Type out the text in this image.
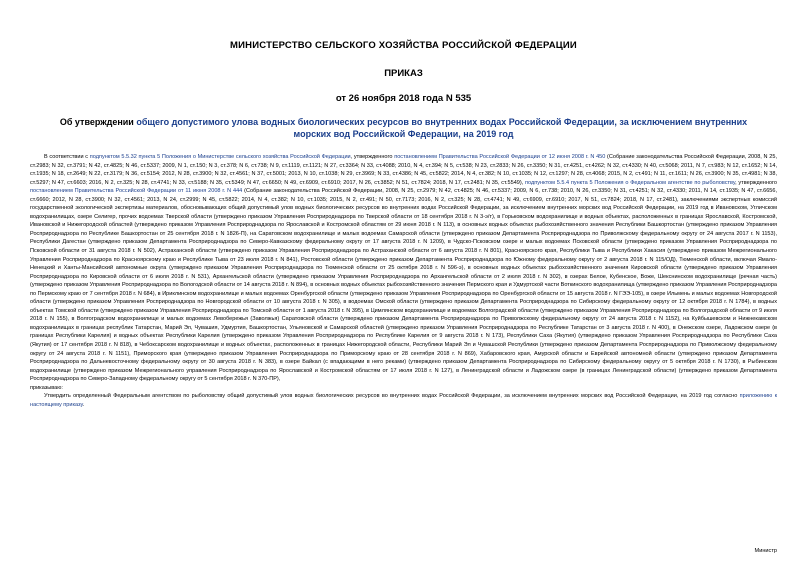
МИНИСТЕРСТВО СЕЛЬСКОГО ХОЗЯЙСТВА РОССИЙСКОЙ ФЕДЕРАЦИИ
ПРИКАЗ
от 26 ноября 2018 года N 535
Об утверждении общего допустимого улова водных биологических ресурсов во внутренних водах Российской Федерации, за исключением внутренних морских вод Российской Федерации, на 2019 год

В соответствии с подпунктом 5.5.32 пункта 5 Положения о Министерстве сельского хозяйства Российской Федерации, утвержденного постановлением Правительства Российской Федерации от 12 июня 2008 г. N 450 (Собрание законодательства Российской Федерации, 2008, N 25, ст.2983; N 32, ст.3791; N 42, ст.4825; N 46, ст.5337; 2009, N 1, ст.150; N 3, ст.378; N 6, ст.738; N 9, ст.1119, ст.1121; N 27, ст.3364; N 33, ст.4088; 2010, N 4, ст.394; N 5, ст.538; N 23, ст.2833; N 26, ст.3350; N 31, ст.4251, ст.4262; N 32, ст.4330; N 40, ст.5068; 2011, N 7, ст.983; N 12, ст.1652; N 14, ст.1935; N 18, ст.2649; N 22, ст.3179; N 36, ст.5154; 2012, N 28, ст.3900; N 32, ст.4561; N 37, ст.5001; 2013, N 10, ст.1038; N 29, ст.3969; N 33, ст.4386; N 45, ст.5822; 2014, N 4, ст.382; N 10, ст.1035; N 12, ст.1297; N 28, ст.4068; 2015, N 2, ст.491; N 11, ст.1611; N 26, ст.3900; N 35, ст.4981; N 38, ст.5297; N 47, ст.6603; 2016, N 2, ст.325; N 28, ст.4741; N 33, ст.5188; N 35, ст.5349; N 47, ст.6650; N 49, ст.6909, ст.6910; 2017, N 26, ст.3852; N 51, ст.7824; 2018, N 17, ст.2481; N 35, ст.5549), подпунктом 5.5.4 пункта 5 Положения о Федеральном агентстве по рыболовству, утвержденного постановлением Правительства Российской Федерации от 11 июня 2008 г. N 444 (Собрание законодательства Российской Федерации, 2008, N 25, ст.2979; N 42, ст.4825; N 46, ст.5337; 2009, N 6, ст.738; 2010, N 26, ст.3350; N 31, ст.4251; N 32, ст.4330; 2011, N 14, ст.1935; N 47, ст.6656, ст.6660; 2012, N 28, ст.3900; N 32, ст.4561; 2013, N 24, ст.2999; N 45, ст.5822; 2014, N 4, ст.382; N 10, ст.1035; 2015, N 2, ст.491; N 50, ст.7173; 2016, N 2, ст.325; N 28, ст.4741; N 49, ст.6909, ст.6910; 2017, N 51, ст.7824; 2018, N 17, ст.2481), заключениями экспертных комиссий государственной экологической экспертизы материалов, обосновывающих общий допустимый улов водных биологических ресурсов во внутренних водах Российской Федерации, за исключением внутренних морских вод Российской Федерации, на 2019 год в Ивановском, Угличском водохранилищах, озере Селигер, прочих водоемах Тверской области (утверждено приказом Управления Росприроднадзора по Тверской области от 18 сентября 2018 г. N 3-э/т), в Горьковском водохранилище и водных объектах, расположенных в границах Ярославской, Костромской, Ивановской и Нижегородской областей (утверждено приказом Управления Росприроднадзора по Ярославской и Костромской областям от 29 июня 2018 г. N 113), в основных водных объектах рыбохозяйственного значения Республики Башкортостан (утверждено приказом Управления Росприроднадзора по Республике Башкортостан от 25 сентября 2018 г. N 1826-П), на Саратовском водохранилище и малых водоемах Самарской области (утверждено приказом Департамента Росприроднадзора по Приволжскому федеральному округу от 24 августа 2017 г. N 1153), Республики Дагестан (утверждено приказом Департамента Росприроднадзора по Северо-Кавказскому федеральному округу от 17 августа 2018 г. N 1209), в Чудско-Псковском озере и малых водоемах Псковской области (утверждено приказом Управления Росприроднадзора по Псковской области от 31 августа 2018 г. N 502), Астраханской области (утверждено приказом Управления Росприроднадзора по Астраханской области от 6 августа 2018 г. N 801), Красноярского края, Республики Тыва и Республики Хакасия (утверждено приказом Межрегионального Управления Росприроднадзора по Красноярскому краю и Республике Тыва от 23 июля 2018 г. N 841), Ростовской области (утверждено приказом Департамента Росприроднадзора по Южному федеральному округу от 2 августа 2018 г. N 115/ОД), Тюменской области, включая Ямало-Ненецкий и Ханты-Мансийский автономные округа (утверждено приказом Управления Росприроднадзора по Тюменской области от 25 октября 2018 г. N 596-э), в основных водных объектах рыбохозяйственного значения Кировской области (утверждено приказом Управления Росприроднадзора по Кировской области от 6 июля 2018 г. N 531), Архангельской области (утверждено приказом Управления Росприроднадзора по Архангельской области от 2 июля 2018 г. N 302), в озерах Белое, Кубенское, Воже, Шекснинском водохранилище (речная часть) (утверждено приказом Управления Росприроднадзора по Вологодской области от 14 августа 2018 г. N 894), в основных водных объектах рыбохозяйственного значения Пермского края и Удмуртской части Воткинского водохранилища (утверждено приказом Управления Росприроднадзора по Пермскому краю от 7 сентября 2018 г. N 684), в Ириклинском водохранилище и малых водоемах Оренбургской области (утверждено приказом Управления Росприроднадзора по Оренбургской области от 15 августа 2018 г. N ГЭЭ-105), в озере Ильмень и малых водоемах Новгородской области (утверждено приказом Управления Росприроднадзора по Новгородской области от 10 августа 2018 г. N 305), в водоемах Омской области (утверждено приказом Департамента Росприроднадзора по Сибирскому федеральному округу от 12 октября 2018 г. N 1784), в водных объектах Томской области (утверждено приказом Управления Росприроднадзора по Томской области от 1 августа 2018 г. N 395), в Цимлянском водохранилище и водоемах Волгоградской области (утверждено приказом Управления Росприроднадзора по Волгоградской области от 9 июля 2018 г. N 155), в Волгоградском водохранилище и малых водоемах Левобережья (Заволжья) Саратовской области (утверждено приказом Департамента Росприроднадзора по Приволжскому федеральному округу от 24 августа 2018 г. N 1152), на Куйбышевском и Нижнекамском водохранилищах в границах республик Татарстан, Марий Эл, Чувашия, Удмуртия, Башкортостан, Ульяновской и Самарской областей (утверждено приказом Управления Росприроднадзора по Республике Татарстан от 3 августа 2018 г. N 400), в Онежском озере, Ладожском озере (в границах Республики Карелия) и водных объектах Республики Карелия (утверждено приказом Управления Росприроднадзора по Республике Карелия от 9 августа 2018 г. N 173), Республики Саха (Якутия) (утверждено приказом Управления Росприроднадзора по Республике Саха (Якутия) от 17 сентября 2018 г. N 818), в Чебоксарском водохранилище и водных объектах, расположенных в границах Нижегородской области, Республики Марий Эл и Чувашской Республики (утверждено приказом Департамента Росприроднадзора по Приволжскому федеральному округу от 24 августа 2018 г. N 1151), Приморского края (утверждено приказом Управления Росприроднадзора по Приморскому краю от 28 сентября 2018 г. N 869), Хабаровского края, Амурской области и Еврейской автономной области (утверждено приказом Департамента Росприроднадзора по Дальневосточному федеральному округу от 30 августа 2018 г. N 383), в озере Байкал (с впадающими в него реками) (утверждено приказом Департамента Росприроднадзора по Сибирскому федеральному округу от 5 октября 2018 г. N 1730), в Рыбинском водохранилище (утверждено приказом Межрегионального управления Росприроднадзора по Ярославской и Костромской областям от 17 июля 2018 г. N 127), в Ленинградской области и Ладожском озере (в границах Ленинградской области) (утверждено приказом Департамента Росприроднадзора по Северо-Западному федеральному округу от 5 сентября 2018 г. N 370-ПР),

приказываю:

Утвердить определенный Федеральным агентством по рыболовству общий допустимый улов водных биологических ресурсов во внутренних водах Российской Федерации, за исключением внутренних морских вод Российской Федерации, на 2019 год согласно приложению к настоящему приказу.

Министр
